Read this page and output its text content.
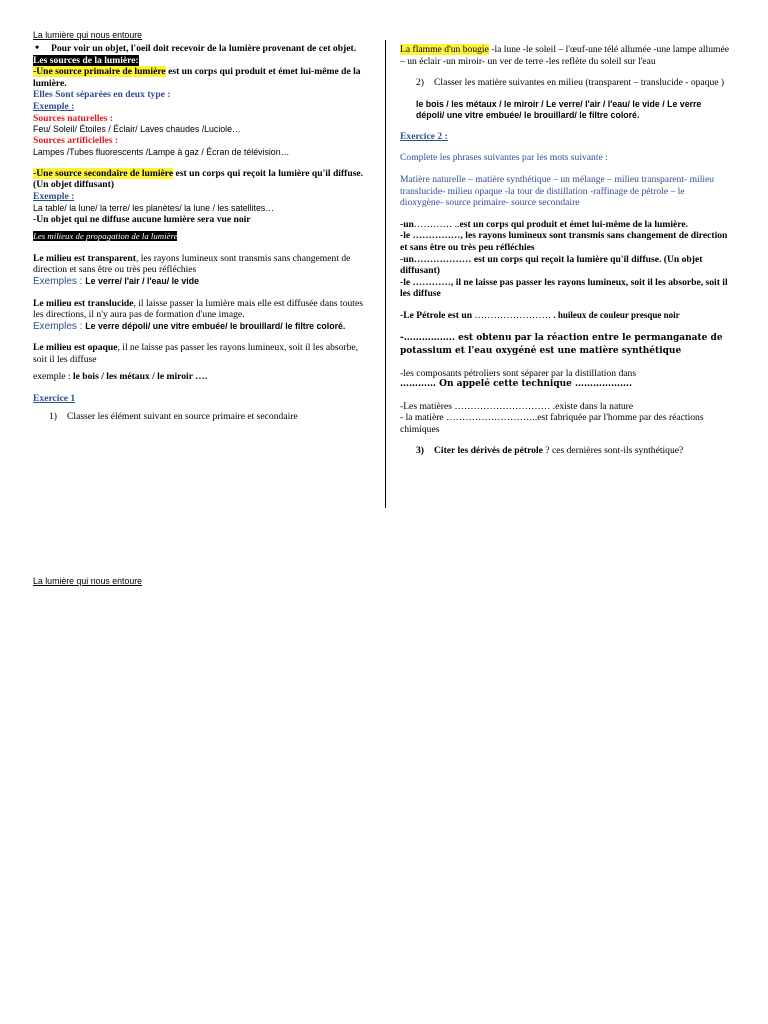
La lumière qui nous entoure

• Pour voir un objet, l'oeil doit recevoir de la lumière provenant de cet objet.

Les sources de la lumière:

-Une source primaire de lumière est un corps qui produit et émet lui-même de la lumière.

Elles Sont séparées en deux type :

Exemple :

Sources naturelles :

Feu/ Soleil/ Étoiles / Éclair/ Laves chaudes /Luciole…

Sources artificielles :

Lampes /Tubes fluorescents /Lampe à gaz / Écran de télévision…

-Une source secondaire de lumière est un corps qui reçoit la lumière qu'il diffuse. (Un objet diffusant)

Exemple :

La table/ la lune/ la terre/ les planètes/ la lune / les satellites…

-Un objet qui ne diffuse aucune lumière sera vue noir

Les milieux de propagation de la lumière

Le milieu est transparent, les rayons lumineux sont transmis sans changement de direction et sans être ou très peu réfléchies

Exemples : Le verre/ l'air / l'eau/ le vide

Le milieu est translucide, il laisse passer la lumière mais elle est diffusée dans toutes les directions, il n'y aura pas de formation d'une image.

Exemples : Le verre dépoli/ une vitre embuée/ le brouillard/ le filtre coloré.

Le milieu est opaque, il ne laisse pas passer les rayons lumineux, soit il les absorbe, soit il les diffuse

exemple : le bois / les métaux / le miroir ….

Exercice 1

1) Classer les élément suivant en source primaire et secondaire

La flamme d'un bougie -la lune -le soleil – l'œuf-une télé allumée -une lampe allumée – un éclair -un miroir- un ver de terre -les reflète du soleil sur l'eau

2) Classer les matière suivantes en milieu (transparent – translucide - opaque )

le bois / les métaux / le miroir / Le verre/ l'air / l'eau/ le vide / Le verre dépoli/ une vitre embuée/ le brouillard/ le filtre coloré.

Exercice 2 :

Complete les phrases suivantes par les mots suivante :

Matière naturelle – matière synthétique – un mélange – milieu transparent- milieu translucide- milieu opaque -la tour de distillation -raffinage de pétrole – le dioxygène- source primaire- source secondaire

-un………… ..est un corps qui produit et émet lui-même de la lumière.

-le ……………, les rayons lumineux sont transmis sans changement de direction et sans être ou très peu réfléchies

-un……………… est un corps qui reçoit la lumière qu'il diffuse. (Un objet diffusant)

-le …………, il ne laisse pas passer les rayons lumineux, soit il les absorbe, soit il les diffuse

-Le Pétrole est un …………………… . huileux de couleur presque noir

-…………….. est obtenu par la réaction entre le permanganate de potassium et l'eau oxygéné est une matière synthétique

-les composants pétroliers sont séparer par la distillation dans

………… On appelé cette technique ……………….

-Les matières ………………………… .existe dans la nature

- la matière ………………………..est fabriquée par l'homme par des réactions chimiques

3) Citer les dérivés de pétrole ? ces dernières sont-ils synthétique?

La lumière qui nous entoure
